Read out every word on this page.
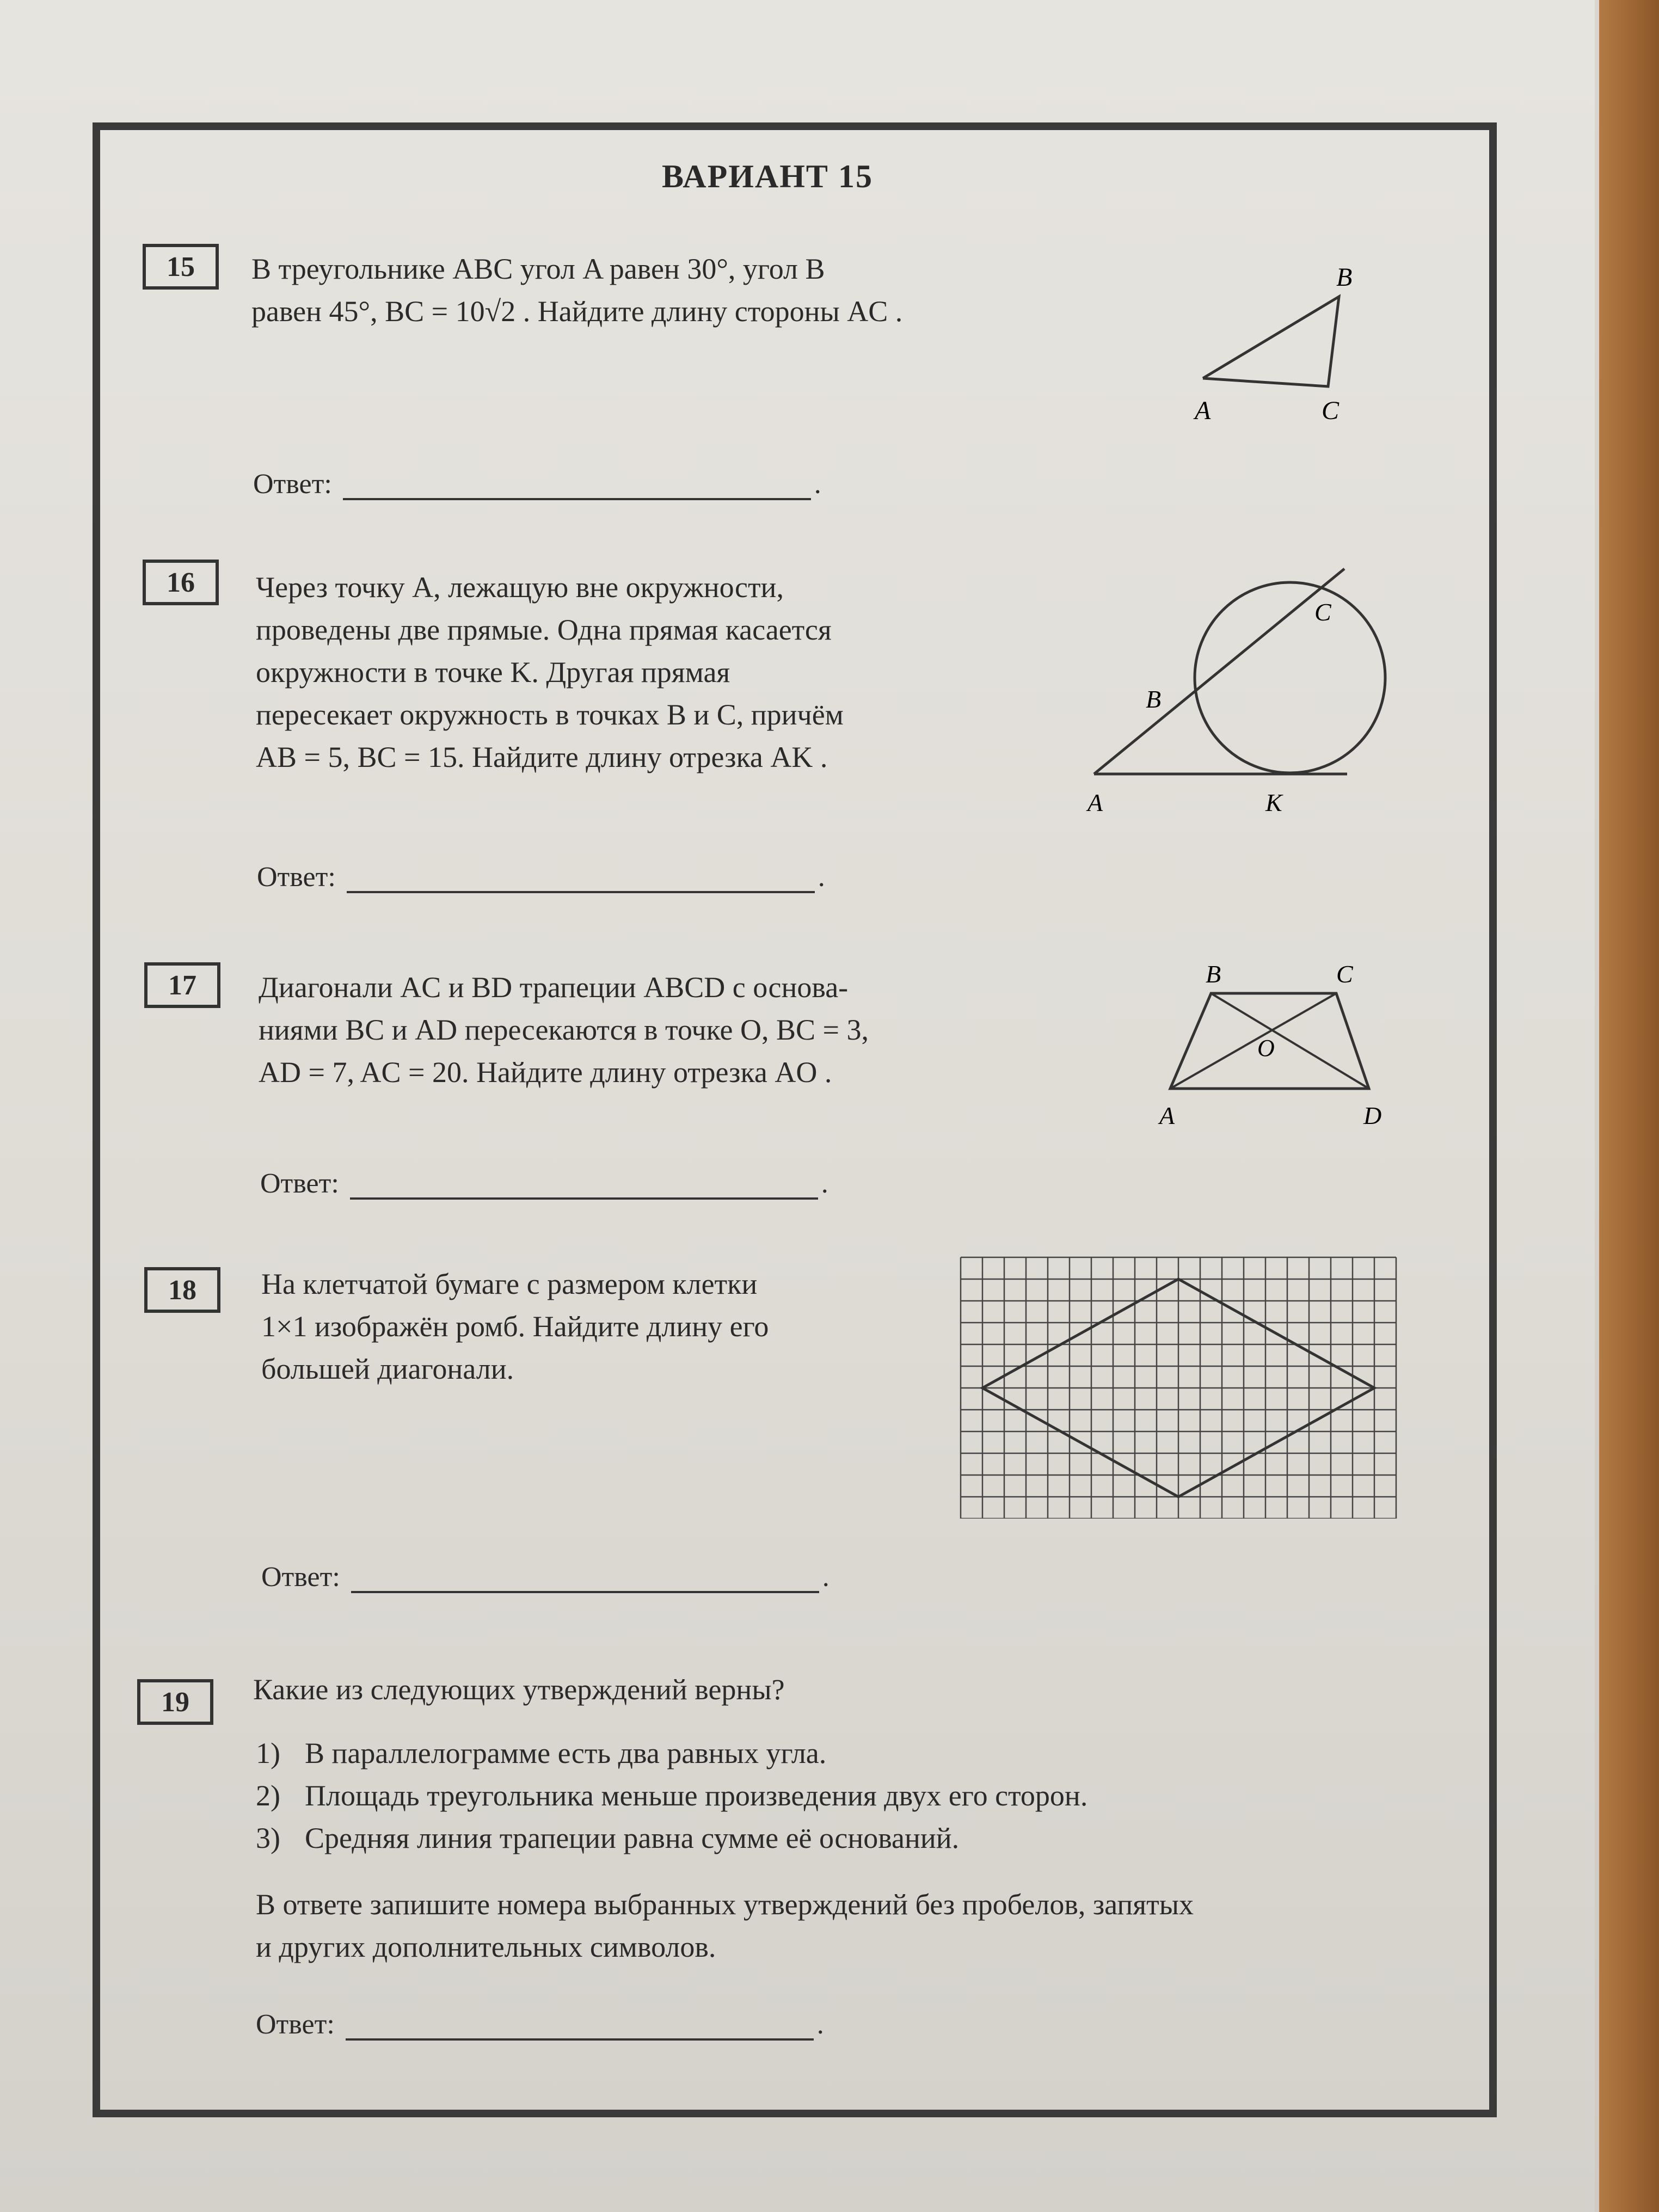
ВАРИАНТ 15
15	В треугольнике ABC угол A равен 30°, угол B
равен 45°, BC = 10√2 . Найдите длину стороны AC .
B
A	C
Ответ:	.
16	Через точку A, лежащую вне окружности,
проведены две прямые. Одна прямая касается
окружности в точке K. Другая прямая
пересекает окружность в точках B и C, причём
AB = 5, BC = 15. Найдите длину отрезка AK .
C
B
A	K
Ответ:	.
17	Диагонали AC и BD трапеции ABCD с основа-
ниями BC и AD пересекаются в точке O, BC = 3,
AD = 7, AC = 20. Найдите длину отрезка AO .
B	C
O
A	D
Ответ:	.
18	На клетчатой бумаге с размером клетки
1×1 изображён ромб. Найдите длину его
большей диагонали.
Ответ:	.
19	Какие из следующих утверждений верны?
1) В параллелограмме есть два равных угла.
2) Площадь треугольника меньше произведения двух его сторон.
3) Средняя линия трапеции равна сумме её оснований.
В ответе запишите номера выбранных утверждений без пробелов, запятых
и других дополнительных символов.
Ответ:	.
